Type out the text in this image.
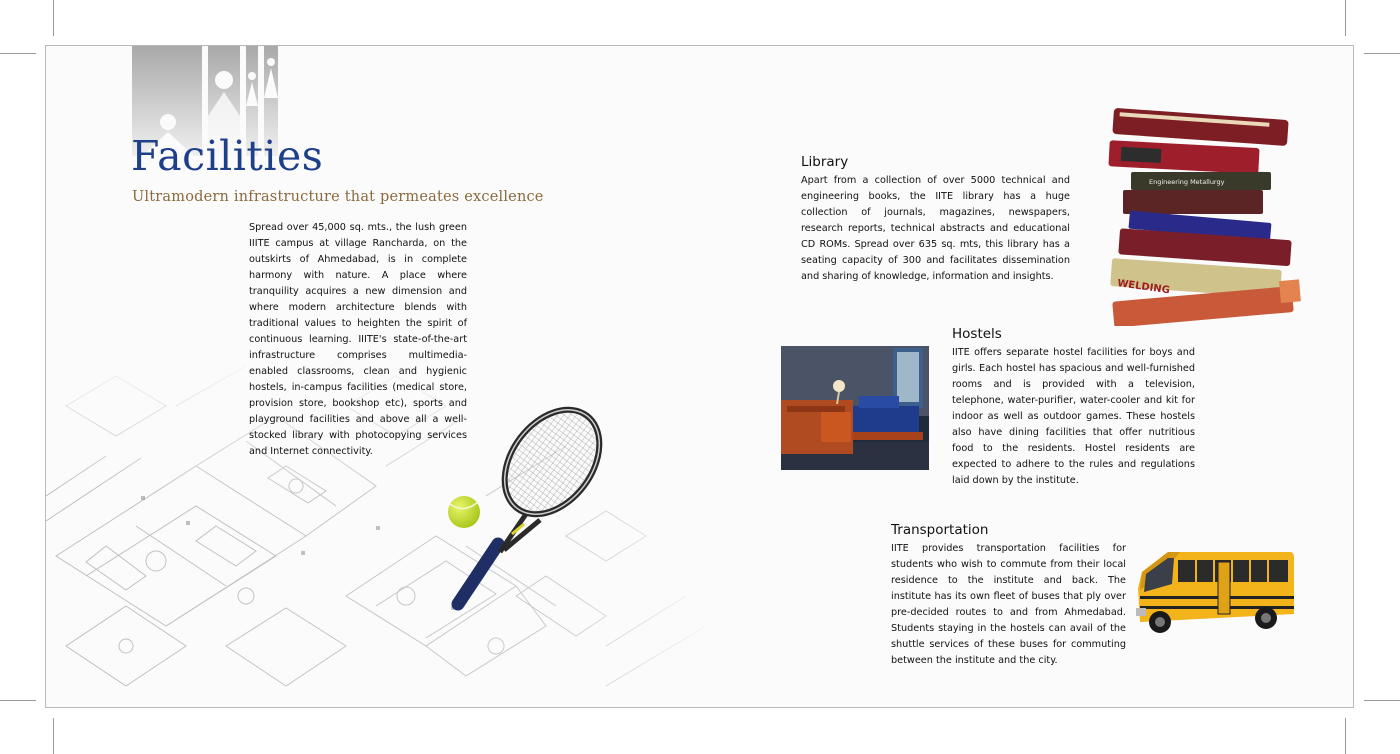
Facilities
Ultramodern infrastructure that permeates excellence

Spread over 45,000 sq. mts., the lush green IIITE campus at village Rancharda, on the outskirts of Ahmedabad, is in complete harmony with nature. A place where tranquility acquires a new dimension and where modern architecture blends with traditional values to heighten the spirit of continuous learning. IIITE's state-of-the-art infrastructure comprises multimedia-enabled classrooms, clean and hygienic hostels, in-campus facilities (medical store, provision store, bookshop etc), sports and playground facilities and above all a well-stocked library with photocopying services and Internet connectivity.

Library

Apart from a collection of over 5000 technical and engineering books, the IITE library has a huge collection of journals, magazines, newspapers, research reports, technical abstracts and educational CD ROMs. Spread over 635 sq. mts, this library has a seating capacity of 300 and facilitates dissemination and sharing of knowledge, information and insights.

Engineering Metallurgy
WELDING
Hostels

IITE offers separate hostel facilities for boys and girls. Each hostel has spacious and well-furnished rooms and is provided with a television, telephone, water-purifier, water-cooler and kit for indoor as well as outdoor games. These hostels also have dining facilities that offer nutritious food to the residents. Hostel residents are expected to adhere to the rules and regulations laid down by the institute.

Transportation

IITE provides transportation facilities for students who wish to commute from their local residence to the institute and back. The institute has its own fleet of buses that ply over pre-decided routes to and from Ahmedabad. Students staying in the hostels can avail of the shuttle services of these buses for commuting between the institute and the city.
